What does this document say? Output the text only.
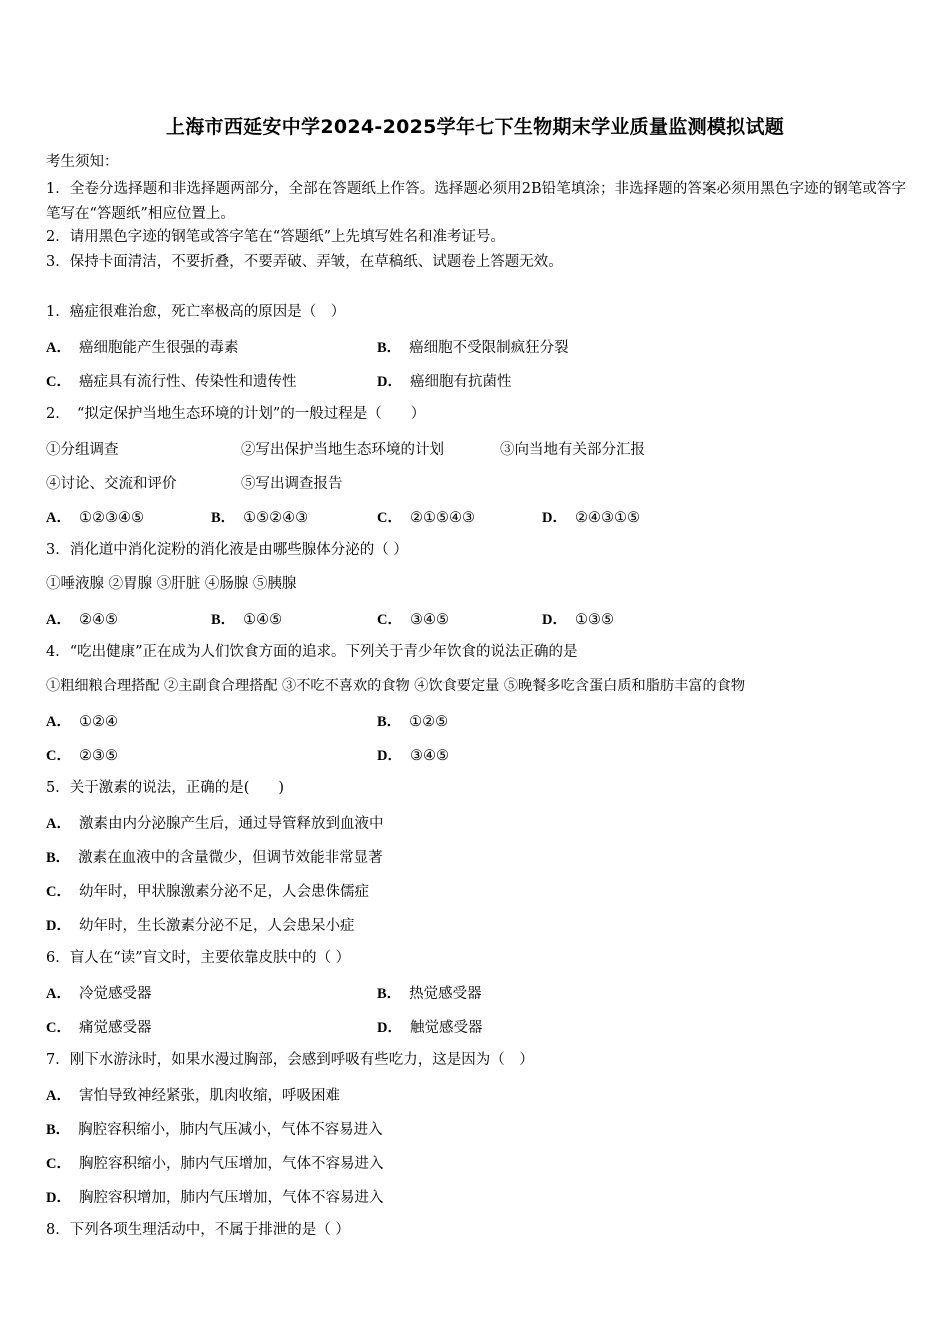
上海市西延安中学2024-2025学年七下生物期末学业质量监测模拟试题
考生须知：
1．全卷分选择题和非选择题两部分，全部在答题纸上作答。选择题必须用2B铅笔填涂；非选择题的答案必须用黑色字迹的钢笔或答字笔写在“答题纸”相应位置上。
2．请用黑色字迹的钢笔或答字笔在“答题纸”上先填写姓名和准考证号。
3．保持卡面清洁，不要折叠，不要弄破、弄皱，在草稿纸、试题卷上答题无效。
1．癌症很难治愈，死亡率极高的原因是（　）
A． 癌细胞能产生很强的毒素	B． 癌细胞不受限制疯狂分裂
C． 癌症具有流行性、传染性和遗传性	D． 癌细胞有抗菌性
2．　“拟定保护当地生态环境的计划”的一般过程是（　　）
①分组调查	②写出保护当地生态环境的计划	③向当地有关部分汇报
④讨论、交流和评价	⑤写出调查报告
A． ①②③④⑤	B． ①⑤②④③	C． ②①⑤④③	D． ②④③①⑤
3．消化道中消化淀粉的消化液是由哪些腺体分泌的（ ）
①唾液腺 ②胃腺 ③肝脏 ④肠腺 ⑤胰腺
A． ②④⑤	B． ①④⑤	C． ③④⑤	D． ①③⑤
4．“吃出健康”正在成为人们饮食方面的追求。下列关于青少年饮食的说法正确的是
①粗细粮合理搭配 ②主副食合理搭配 ③不吃不喜欢的食物 ④饮食要定量 ⑤晚餐多吃含蛋白质和脂肪丰富的食物
A． ①②④	B． ①②⑤
C． ②③⑤	D． ③④⑤
5．关于激素的说法，正确的是(　　)
A． 激素由内分泌腺产生后，通过导管释放到血液中
B． 激素在血液中的含量微少，但调节效能非常显著
C． 幼年时，甲状腺激素分泌不足，人会患侏儒症
D． 幼年时，生长激素分泌不足，人会患呆小症
6．盲人在“读”盲文时，主要依靠皮肤中的（ ）
A． 冷觉感受器	B． 热觉感受器
C． 痛觉感受器	D． 触觉感受器
7．刚下水游泳时，如果水漫过胸部，会感到呼吸有些吃力，这是因为（　）
A． 害怕导致神经紧张，肌肉收缩，呼吸困难
B． 胸腔容积缩小，肺内气压减小，气体不容易进入
C． 胸腔容积缩小，肺内气压增加，气体不容易进入
D． 胸腔容积增加，肺内气压增加，气体不容易进入
8．下列各项生理活动中，不属于排泄的是（ ）
